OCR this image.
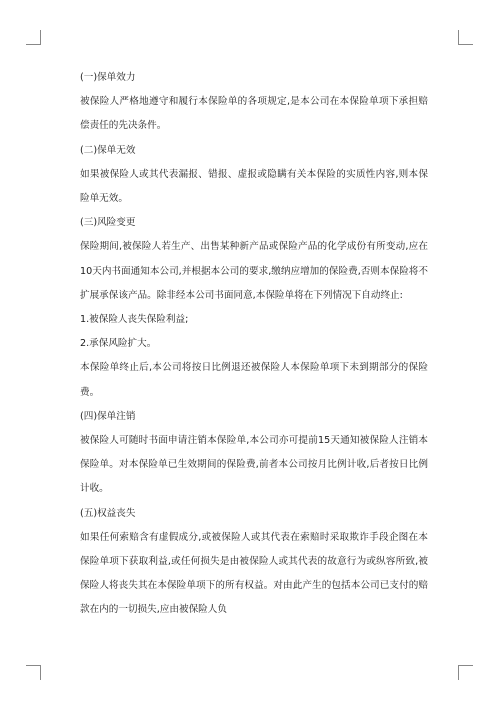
(一)保单效力

被保险人严格地遵守和履行本保险单的各项规定,是本公司在本保险单项下承担赔偿责任的先决条件。

(二)保单无效

如果被保险人或其代表漏报、错报、虚报或隐瞒有关本保险的实质性内容,则本保险单无效。

(三)风险变更

保险期间,被保险人若生产、出售某种新产品或保险产品的化学成份有所变动,应在10天内书面通知本公司,并根据本公司的要求,缴纳应增加的保险费,否则本保险将不扩展承保该产品。除非经本公司书面同意,本保险单将在下列情况下自动终止:

1.被保险人丧失保险利益;

2.承保风险扩大。

本保险单终止后,本公司将按日比例退还被保险人本保险单项下未到期部分的保险费。

(四)保单注销

被保险人可随时书面申请注销本保险单,本公司亦可提前15天通知被保险人注销本保险单。对本保险单已生效期间的保险费,前者本公司按月比例计收,后者按日比例计收。

(五)权益丧失

如果任何索赔含有虚假成分,或被保险人或其代表在索赔时采取欺诈手段企图在本保险单项下获取利益,或任何损失是由被保险人或其代表的故意行为或纵容所致,被保险人将丧失其在本保险单项下的所有权益。对由此产生的包括本公司已支付的赔款在内的一切损失,应由被保险人负
